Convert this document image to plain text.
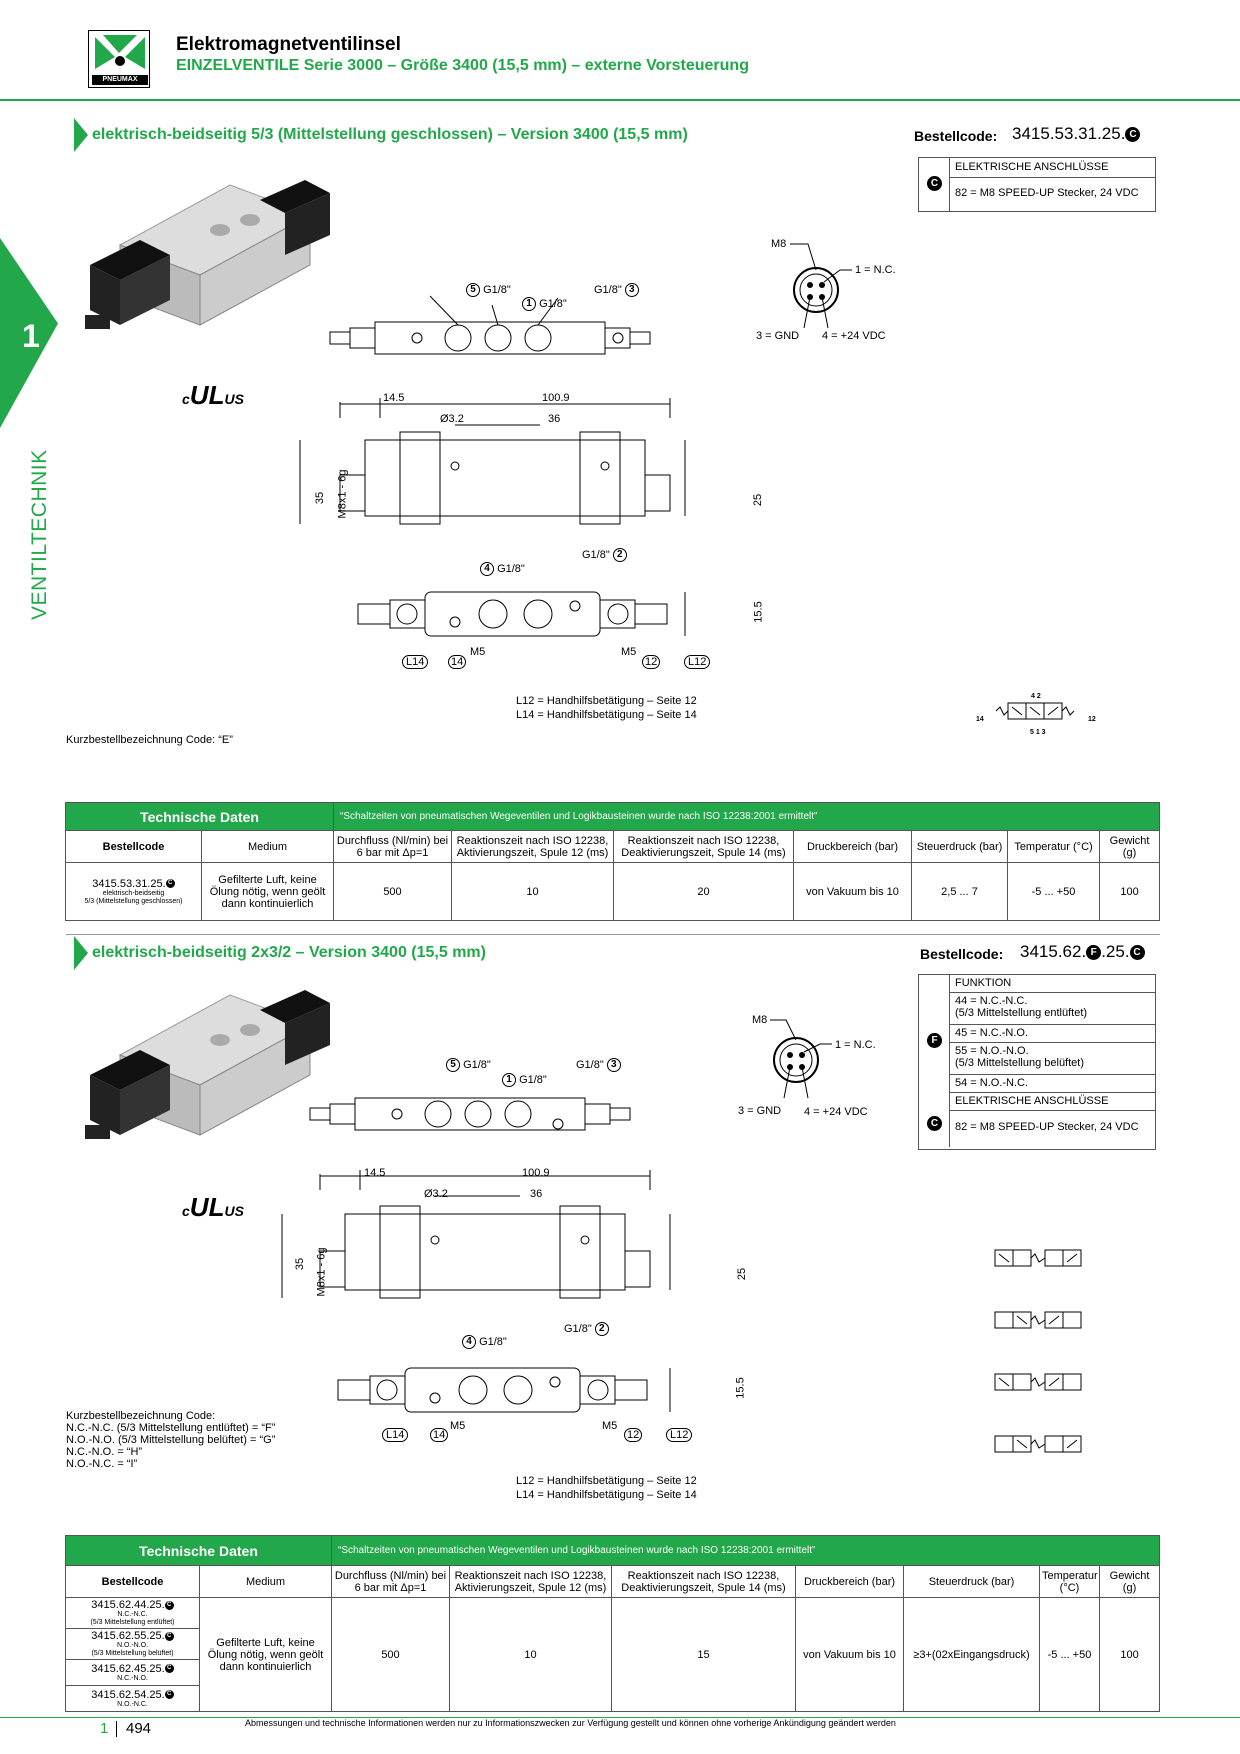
PNEUMAX
Elektromagnetventilinsel
EINZELVENTILE Serie 3000 – Größe 3400 (15,5 mm) – externe Vorsteuerung
1
VENTILTECHNIK
elektrisch-beidseitig 5/3 (Mittelstellung geschlossen) – Version 3400 (15,5 mm)	Bestellcode: 3415.53.31.25. C
C
ELEKTRISCHE ANSCHLÜSSE
82 = M8 SPEED-UP Stecker, 24 VDC
cULUS
M8
1 = N.C.
3 = GND 4 = +24 VDC
5 G1/8"
1 G1/8"
G1/8" 3
14.5	100.9
Ø3.2	36
35 M8x1 - 6g	25
4 G1/8"
G1/8" 2
15.5
L14	14
M5	M5
12	L12
L12 = Handhilfsbetätigung – Seite 12
L14 = Handhilfsbetätigung – Seite 14	14	12
4 2
5 1 3
Kurzbestellbezeichnung Code: “E”
Technische Daten		“Schaltzeiten von pneumatischen Wegeventilen und Logikbausteinen wurde nach ISO 12238:2001 ermittelt”						
Bestellcode	Medium	Durchfluss (Nl/min) bei 6 bar mit Δp=1	Reaktionszeit nach ISO 12238, Aktivierungszeit, Spule 12 (ms)	Reaktionszeit nach ISO 12238, Deaktivierungszeit, Spule 14 (ms)	Druckbereich (bar)	Steuerdruck (bar)	Temperatur (°C)	Gewicht (g)

3415.53.31.25. C
elektrisch-beidseitig
5/3 (Mittelstellung geschlossen)	Gefilterte Luft, keine Ölung nötig, wenn geölt dann kontinuierlich	500	10	20	von Vakuum bis 10	2,5 ... 7	-5 ... +50	100
elektrisch-beidseitig 2x3/2 – Version 3400 (15,5 mm)	Bestellcode: 3415.62. F .25. C
F
C
FUNKTION
44 = N.C.-N.C.
(5/3 Mittelstellung entlüftet)
45 = N.C.-N.O.
55 = N.O.-N.O.
(5/3 Mittelstellung belüftet)
54 = N.O.-N.C.
ELEKTRISCHE ANSCHLÜSSE
82 = M8 SPEED-UP Stecker, 24 VDC
cULUS
M8
1 = N.C.
3 = GND 4 = +24 VDC
5 G1/8"
1 G1/8"
G1/8" 3
14.5	100.9
Ø3.2	36
35 M8x1 - 6g	25
4 G1/8"
G1/8" 2
15.5
L14	14
M5	M5
12	L12
L12 = Handhilfsbetätigung – Seite 12
L14 = Handhilfsbetätigung – Seite 14
Kurzbestellbezeichnung Code:
N.C.-N.C. (5/3 Mittelstellung entlüftet) = “F”
N.O.-N.O. (5/3 Mittelstellung belüftet) = “G”
N.C.-N.O. = “H”
N.O.-N.C. = “I”
Technische Daten		“Schaltzeiten von pneumatischen Wegeventilen und Logikbausteinen wurde nach ISO 12238:2001 ermittelt”						
Bestellcode	Medium	Durchfluss (Nl/min) bei 6 bar mit Δp=1	Reaktionszeit nach ISO 12238, Aktivierungszeit, Spule 12 (ms)	Reaktionszeit nach ISO 12238, Deaktivierungszeit, Spule 14 (ms)	Druckbereich (bar)	Steuerdruck (bar)	Temperatur (°C)	Gewicht (g)

3415.62.44.25. C
N.C.-N.C.
(5/3 Mittelstellung entlüftet)	Gefilterte Luft, keine Ölung nötig, wenn geölt dann kontinuierlich	500	10	15	von Vakuum bis 10	≥3+(02xEingangsdruck)	-5 ... +50	100

3415.62.55.25. C
N.O.-N.O.
(5/3 Mittelstellung belüftet)								

3415.62.45.25. C
N.C.-N.O.								

3415.62.54.25. C
N.O.-N.C.								
1 494	Abmessungen und technische Informationen werden nur zu Informationszwecken zur Verfügung gestellt und können ohne vorherige Ankündigung geändert werden
